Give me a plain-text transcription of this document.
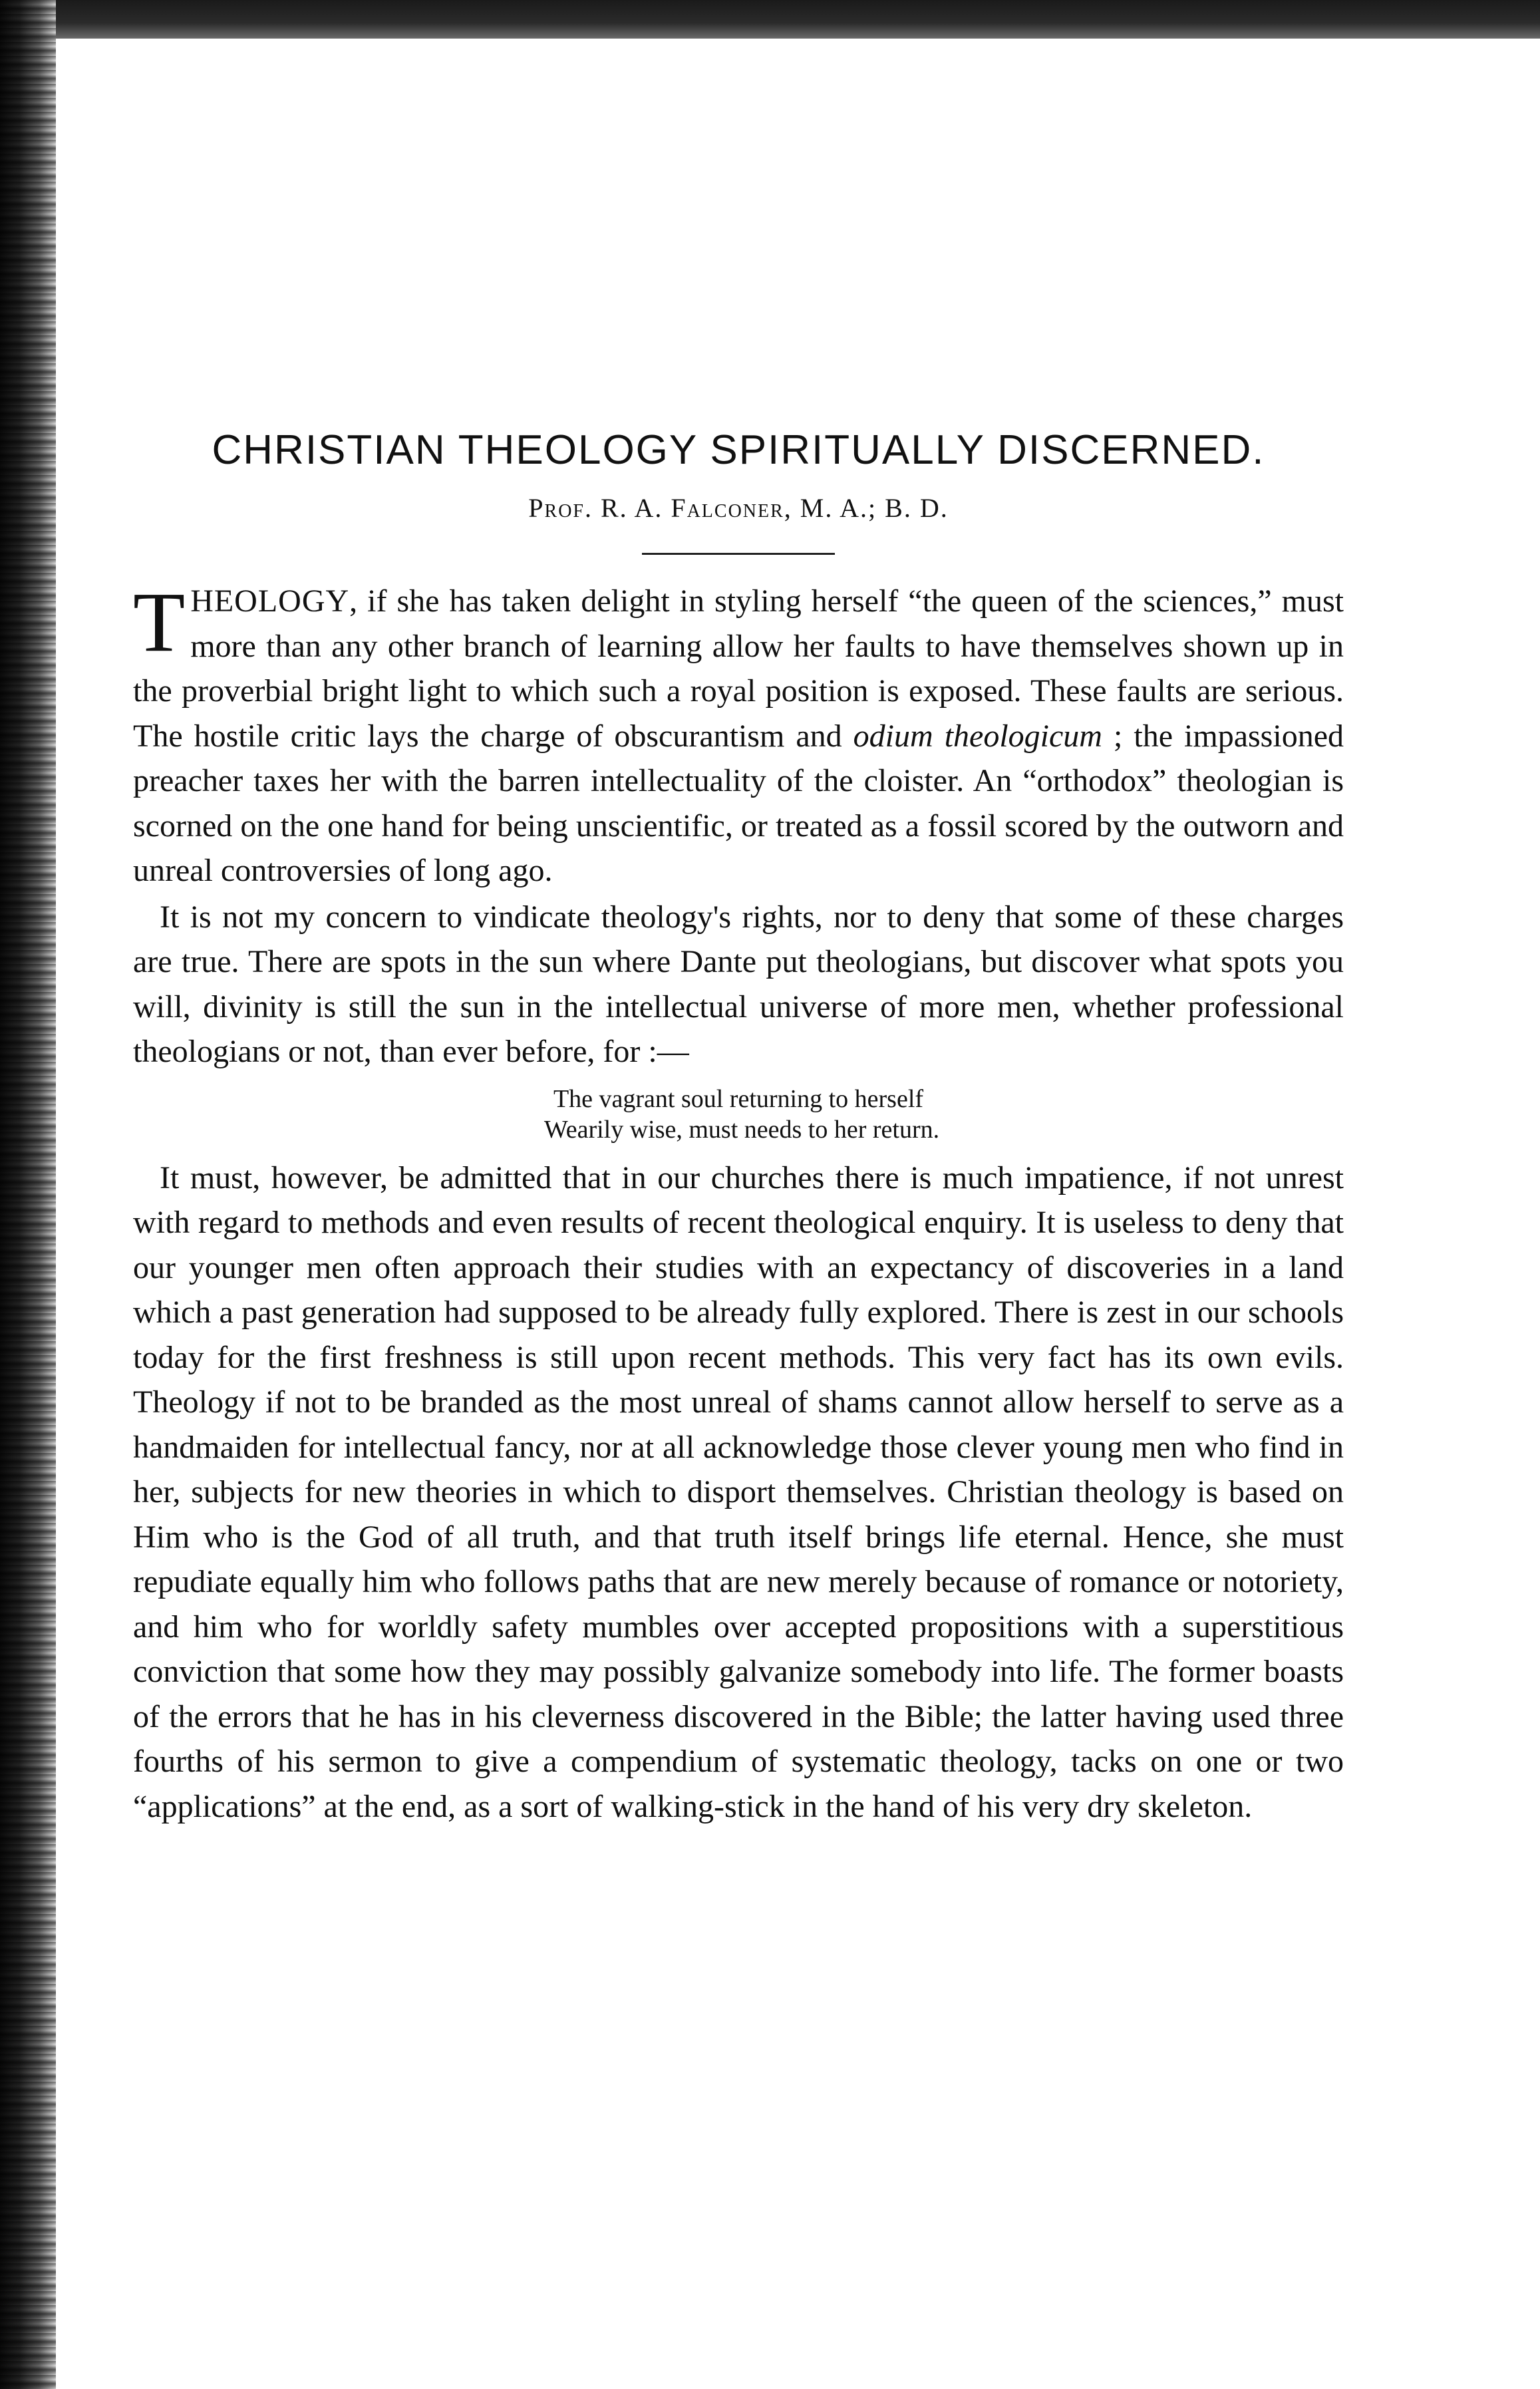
CHRISTIAN THEOLOGY SPIRITUALLY DISCERNED.
Prof. R. A. Falconer, M. A.; B. D.

THEOLOGY, if she has taken delight in styling herself “the queen of the sciences,” must more than any other branch of learning allow her faults to have themselves shown up in the proverbial bright light to which such a royal position is exposed. These faults are serious. The hostile critic lays the charge of obscurantism and odium theologicum ; the impassioned preacher taxes her with the barren intellectuality of the cloister. An “orthodox” theologian is scorned on the one hand for being unscientific, or treated as a fossil scored by the outworn and unreal controversies of long ago.

It is not my concern to vindicate theology's rights, nor to deny that some of these charges are true. There are spots in the sun where Dante put theologians, but discover what spots you will, divinity is still the sun in the intellectual universe of more men, whether professional theologians or not, than ever before, for :—

The vagrant soul returning to herself
Wearily wise, must needs to her return.

It must, however, be admitted that in our churches there is much impatience, if not unrest with regard to methods and even results of recent theological enquiry. It is useless to deny that our younger men often approach their studies with an expectancy of discoveries in a land which a past generation had supposed to be already fully explored. There is zest in our schools today for the first freshness is still upon recent methods. This very fact has its own evils. Theology if not to be branded as the most unreal of shams cannot allow herself to serve as a handmaiden for intellectual fancy, nor at all acknowledge those clever young men who find in her, subjects for new theories in which to disport themselves. Christian theology is based on Him who is the God of all truth, and that truth itself brings life eternal. Hence, she must repudiate equally him who follows paths that are new merely because of romance or notoriety, and him who for worldly safety mumbles over accepted propositions with a superstitious conviction that some how they may possibly galvanize somebody into life. The former boasts of the errors that he has in his cleverness discovered in the Bible; the latter having used three fourths of his sermon to give a compendium of systematic theology, tacks on one or two “applications” at the end, as a sort of walking-stick in the hand of his very dry skeleton.
